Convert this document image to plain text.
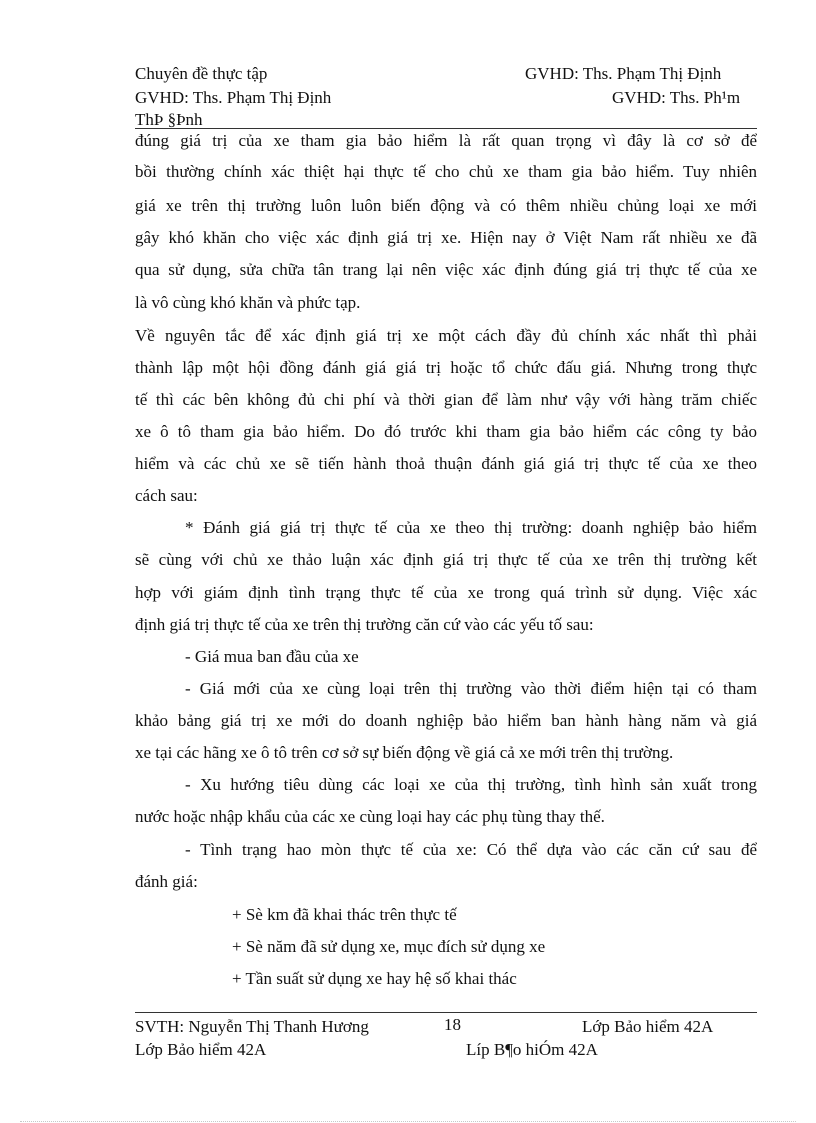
Chuyên đề thực tập	GVHD: Ths. Phạm Thị Định
GVHD: Ths. Phạm Thị Định	GVHD: Ths. Ph¹m
ThÞ §Þnh
đúng giá trị của xe tham gia bảo hiểm là rất quan trọng vì đây là cơ sở để
bồi thường chính xác thiệt hại thực tế cho chủ xe tham gia bảo hiểm. Tuy nhiên
giá xe trên thị trường luôn luôn biến động và có thêm nhiều chủng loại xe mới
gây khó khăn cho việc xác định giá trị xe. Hiện nay ở Việt Nam rất nhiều xe đã
qua sử dụng, sửa chữa tân trang lại nên việc xác định đúng giá trị thực tế của xe
là vô cùng khó khăn và phức tạp.
Về nguyên tắc để xác định giá trị xe một cách đầy đủ chính xác nhất thì phải
thành lập một hội đồng đánh giá giá trị hoặc tổ chức đấu giá. Nhưng trong thực
tế thì các bên không đủ chi phí và thời gian để làm như vậy với hàng trăm chiếc
xe ô tô tham gia bảo hiểm. Do đó trước khi tham gia bảo hiểm các công ty bảo
hiểm và các chủ xe sẽ tiến hành thoả thuận đánh giá giá trị thực tế của xe theo
cách sau:
* Đánh giá giá trị thực tế của xe theo thị trường: doanh nghiệp bảo hiểm
sẽ cùng với chủ xe thảo luận xác định giá trị thực tế của xe trên thị trường kết
hợp với giám định tình trạng thực tế của xe trong quá trình sử dụng. Việc xác
định giá trị thực tế của xe trên thị trường căn cứ vào các yếu tố sau:
- Giá mua ban đầu của xe
- Giá mới của xe cùng loại trên thị trường vào thời điểm hiện tại có tham
khảo bảng giá trị xe mới do doanh nghiệp bảo hiểm ban hành hàng năm và giá
xe tại các hãng xe ô tô trên cơ sở sự biến động về giá cả xe mới trên thị trường.
- Xu hướng tiêu dùng các loại xe của thị trường, tình hình sản xuất trong
nước hoặc nhập khẩu của các xe cùng loại hay các phụ tùng thay thế.
- Tình trạng hao mòn thực tế của xe: Có thể dựa vào các căn cứ sau để
đánh giá:
+ Sè km đã khai thác trên thực tế
+ Sè năm đã sử dụng xe, mục đích sử dụng xe
+ Tần suất sử dụng xe hay hệ số khai thác
SVTH: Nguyễn Thị Thanh Hương	18	Lớp Bảo hiểm 42A
Lớp Bảo hiểm 42A	Líp B¶o hiÓm 42A
